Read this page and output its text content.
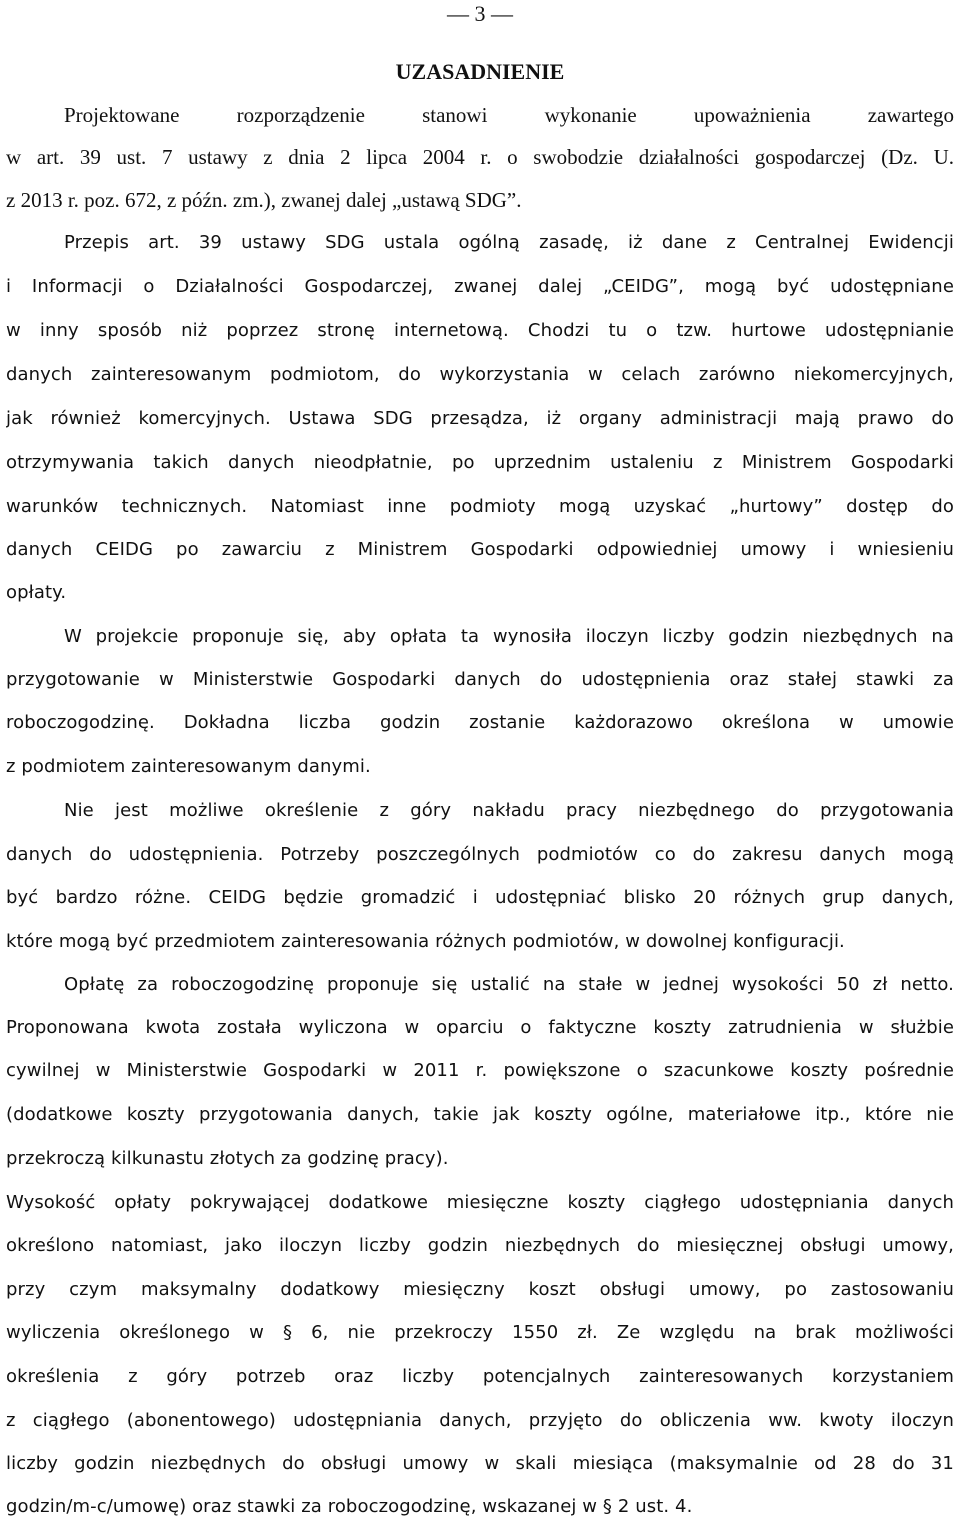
— 3 —
UZASADNIENIE
Projektowane rozporządzenie stanowi wykonanie upoważnienia zawartego
w art. 39 ust. 7 ustawy z dnia 2 lipca 2004 r. o swobodzie działalności gospodarczej (Dz. U.
z 2013 r. poz. 672, z późn. zm.), zwanej dalej „ustawą SDG”.
Przepis art. 39 ustawy SDG ustala ogólną zasadę, iż dane z Centralnej Ewidencji
i Informacji o Działalności Gospodarczej, zwanej dalej „CEIDG”, mogą być udostępniane
w inny sposób niż poprzez stronę internetową. Chodzi tu o tzw. hurtowe udostępnianie
danych zainteresowanym podmiotom, do wykorzystania w celach zarówno niekomercyjnych,
jak również komercyjnych. Ustawa SDG przesądza, iż organy administracji mają prawo do
otrzymywania takich danych nieodpłatnie, po uprzednim ustaleniu z Ministrem Gospodarki
warunków technicznych. Natomiast inne podmioty mogą uzyskać „hurtowy” dostęp do
danych CEIDG po zawarciu z Ministrem Gospodarki odpowiedniej umowy i wniesieniu
opłaty.
W projekcie proponuje się, aby opłata ta wynosiła iloczyn liczby godzin niezbędnych na
przygotowanie w Ministerstwie Gospodarki danych do udostępnienia oraz stałej stawki za
roboczogodzinę. Dokładna liczba godzin zostanie każdorazowo określona w umowie
z podmiotem zainteresowanym danymi.
Nie jest możliwe określenie z góry nakładu pracy niezbędnego do przygotowania
danych do udostępnienia. Potrzeby poszczególnych podmiotów co do zakresu danych mogą
być bardzo różne. CEIDG będzie gromadzić i udostępniać blisko 20 różnych grup danych,
które mogą być przedmiotem zainteresowania różnych podmiotów, w dowolnej konfiguracji.
Opłatę za roboczogodzinę proponuje się ustalić na stałe w jednej wysokości 50 zł netto.
Proponowana kwota została wyliczona w oparciu o faktyczne koszty zatrudnienia w służbie
cywilnej w Ministerstwie Gospodarki w 2011 r. powiększone o szacunkowe koszty pośrednie
(dodatkowe koszty przygotowania danych, takie jak koszty ogólne, materiałowe itp., które nie
przekroczą kilkunastu złotych za godzinę pracy).
Wysokość opłaty pokrywającej dodatkowe miesięczne koszty ciągłego udostępniania danych
określono natomiast, jako iloczyn liczby godzin niezbędnych do miesięcznej obsługi umowy,
przy czym maksymalny dodatkowy miesięczny koszt obsługi umowy, po zastosowaniu
wyliczenia określonego w § 6, nie przekroczy 1550 zł. Ze względu na brak możliwości
określenia z góry potrzeb oraz liczby potencjalnych zainteresowanych korzystaniem
z ciągłego (abonentowego) udostępniania danych, przyjęto do obliczenia ww. kwoty iloczyn
liczby godzin niezbędnych do obsługi umowy w skali miesiąca (maksymalnie od 28 do 31
godzin/m-c/umowę) oraz stawki za roboczogodzinę, wskazanej w § 2 ust. 4.
